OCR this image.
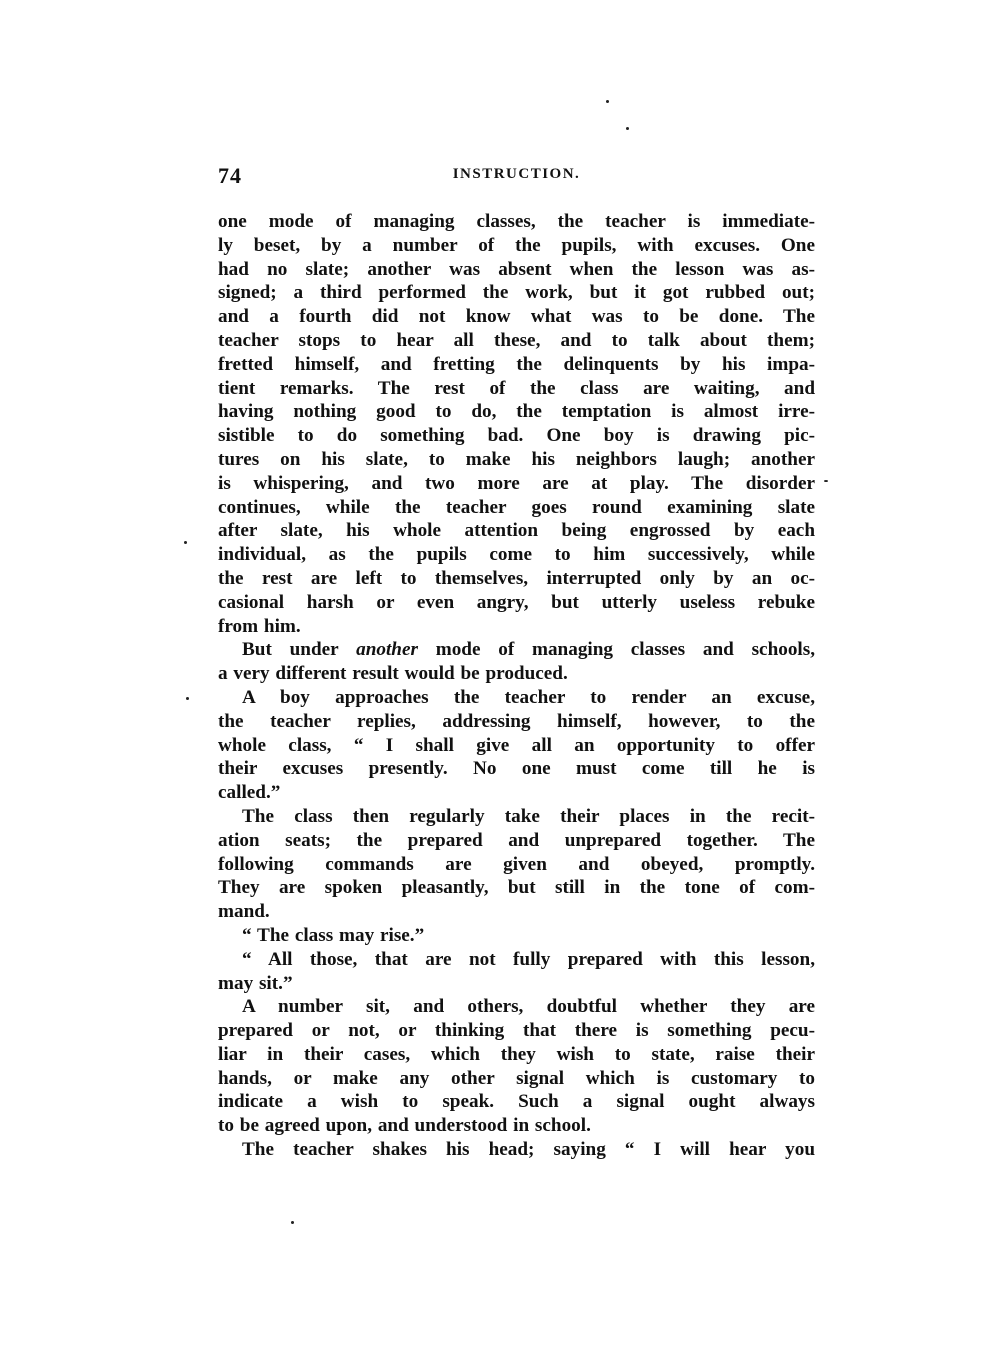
74	INSTRUCTION.
one mode of managing classes, the teacher is immediate-
ly beset, by a number of the pupils, with excuses. One
had no slate; another was absent when the lesson was as-
signed; a third performed the work, but it got rubbed out;
and a fourth did not know what was to be done. The
teacher stops to hear all these, and to talk about them;
fretted himself, and fretting the delinquents by his impa-
tient remarks. The rest of the class are waiting, and
having nothing good to do, the temptation is almost irre-
sistible to do something bad. One boy is drawing pic-
tures on his slate, to make his neighbors laugh; another
is whispering, and two more are at play. The disorder
continues, while the teacher goes round examining slate
after slate, his whole attention being engrossed by each
individual, as the pupils come to him successively, while
the rest are left to themselves, interrupted only by an oc-
casional harsh or even angry, but utterly useless rebuke
from him.
But under another mode of managing classes and schools,
a very different result would be produced.
A boy approaches the teacher to render an excuse,
the teacher replies, addressing himself, however, to the
whole class, “ I shall give all an opportunity to offer
their excuses presently. No one must come till he is
called.”
The class then regularly take their places in the recit-
ation seats; the prepared and unprepared together. The
following commands are given and obeyed, promptly.
They are spoken pleasantly, but still in the tone of com-
mand.
“ The class may rise.”
“ All those, that are not fully prepared with this lesson,
may sit.”
A number sit, and others, doubtful whether they are
prepared or not, or thinking that there is something pecu-
liar in their cases, which they wish to state, raise their
hands, or make any other signal which is customary to
indicate a wish to speak. Such a signal ought always
to be agreed upon, and understood in school.
The teacher shakes his head; saying “ I will hear you
